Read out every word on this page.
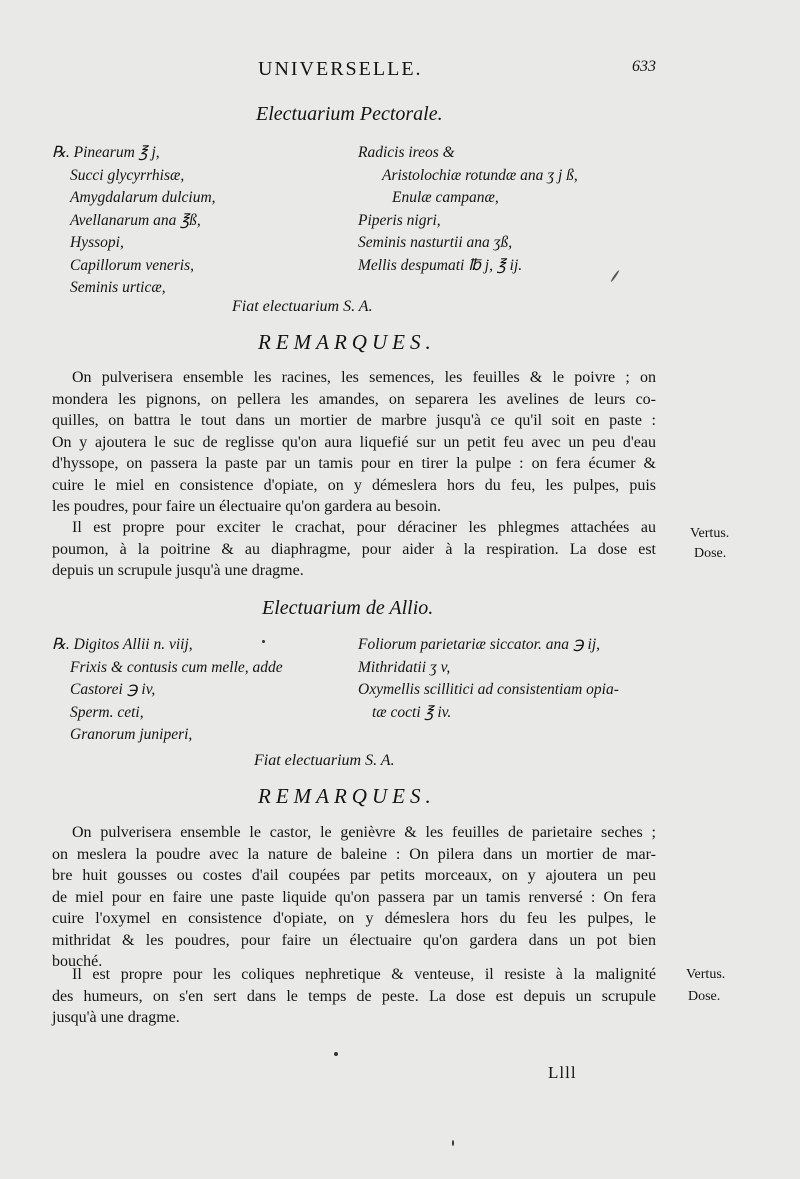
UNIVERSELLE.	633
Electuarium Pectorale.
℞. Pinearum ℥ j,
Succi glycyrrhisæ,
Amygdalarum dulcium,
Avellanarum ana ℥ß,
Hyssopi,
Capillorum veneris,
Seminis urticæ,
Radicis ireos &
Aristolochiæ rotundæ ana ʒ j ß,
Enulæ campanæ,
Piperis nigri,
Seminis nasturtii ana ʒß,
Mellis despumati ℔ j, ℥ ij.
Fiat electuarium S. A.
REMARQUES.
On pulverisera ensemble les racines, les semences, les feuilles & le poivre ; on
mondera les pignons, on pellera les amandes, on separera les avelines de leurs co-
quilles, on battra le tout dans un mortier de marbre jusqu'à ce qu'il soit en paste :
On y ajoutera le suc de reglisse qu'on aura liquefié sur un petit feu avec un peu d'eau
d'hyssope, on passera la paste par un tamis pour en tirer la pulpe : on fera écumer &
cuire le miel en consistence d'opiate, on y démeslera hors du feu, les pulpes, puis
les poudres, pour faire un électuaire qu'on gardera au besoin.
Il est propre pour exciter le crachat, pour déraciner les phlegmes attachées au
poumon, à la poitrine & au diaphragme, pour aider à la respiration. La dose est
depuis un scrupule jusqu'à une dragme.
Vertus.
Dose.
Electuarium de Allio.
℞. Digitos Allii n. viij,
Frixis & contusis cum melle, adde
Castorei ℈ iv,
Sperm. ceti,
Granorum juniperi,
Foliorum parietariæ siccator. ana ℈ ij,
Mithridatii ʒ v,
Oxymellis scillitici ad consistentiam opia-
tæ cocti ℥ iv.
Fiat electuarium S. A.
REMARQUES.
On pulverisera ensemble le castor, le genièvre & les feuilles de parietaire seches ;
on meslera la poudre avec la nature de baleine : On pilera dans un mortier de mar-
bre huit gousses ou costes d'ail coupées par petits morceaux, on y ajoutera un peu
de miel pour en faire une paste liquide qu'on passera par un tamis renversé : On fera
cuire l'oxymel en consistence d'opiate, on y démeslera hors du feu les pulpes, le
mithridat & les poudres, pour faire un électuaire qu'on gardera dans un pot bien
bouché.
Il est propre pour les coliques nephretique & venteuse, il resiste à la malignité
des humeurs, on s'en sert dans le temps de peste. La dose est depuis un scrupule
jusqu'à une dragme.
Vertus.
Dose.
Llll
